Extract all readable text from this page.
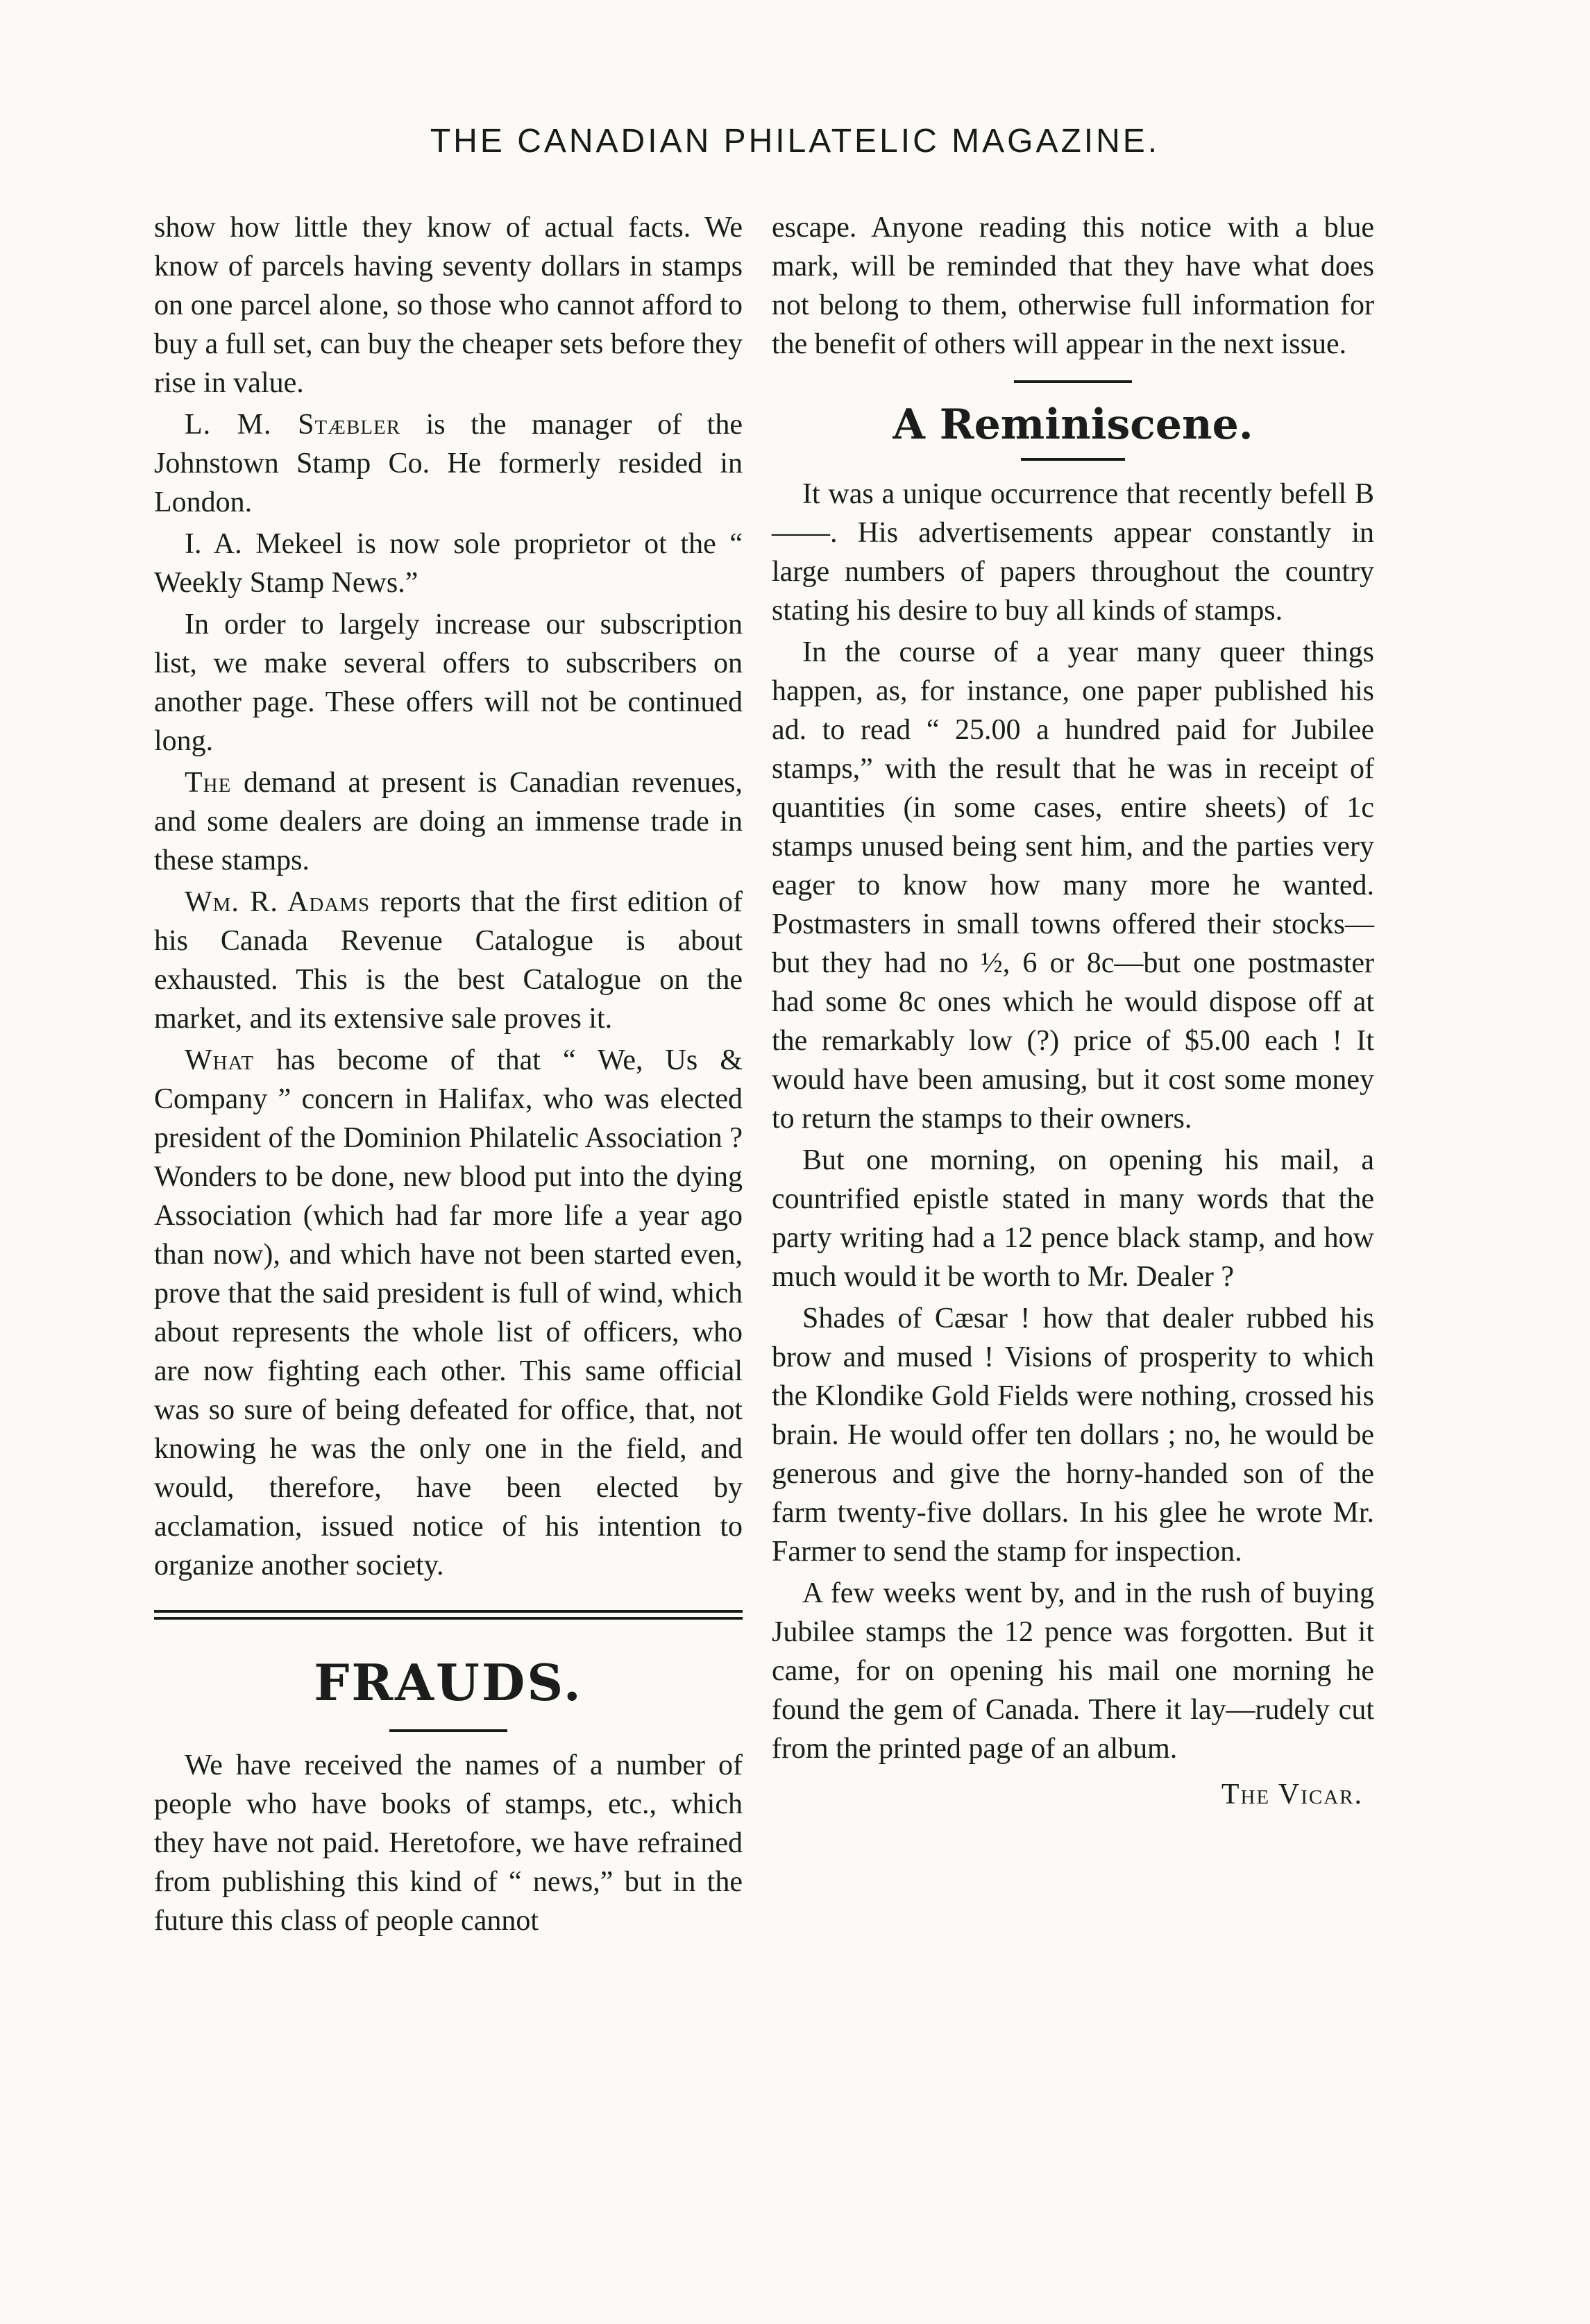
THE CANADIAN PHILATELIC MAGAZINE.

show how little they know of actual facts. We know of parcels having seventy dollars in stamps on one parcel alone, so those who cannot afford to buy a full set, can buy the cheaper sets before they rise in value.

L. M. Stæbler is the manager of the Johnstown Stamp Co. He formerly resided in London.

I. A. Mekeel is now sole proprietor ot the “ Weekly Stamp News.”

In order to largely increase our subscription list, we make several offers to subscribers on another page. These offers will not be continued long.

The demand at present is Canadian revenues, and some dealers are doing an immense trade in these stamps.

Wm. R. Adams reports that the first edition of his Canada Revenue Catalogue is about exhausted. This is the best Catalogue on the market, and its extensive sale proves it.

What has become of that “ We, Us & Company ” concern in Halifax, who was elected president of the Dominion Philatelic Association ? Wonders to be done, new blood put into the dying Association (which had far more life a year ago than now), and which have not been started even, prove that the said president is full of wind, which about represents the whole list of officers, who are now fighting each other. This same official was so sure of being defeated for office, that, not knowing he was the only one in the field, and would, therefore, have been elected by acclamation, issued notice of his intention to organize another society.

FRAUDS.

We have received the names of a number of people who have books of stamps, etc., which they have not paid. Heretofore, we have refrained from publishing this kind of “ news,” but in the future this class of people cannot

escape. Anyone reading this notice with a blue mark, will be reminded that they have what does not belong to them, otherwise full information for the benefit of others will appear in the next issue.

A Reminiscene.

It was a unique occurrence that recently befell B——. His advertisements appear constantly in large numbers of papers throughout the country stating his desire to buy all kinds of stamps.

In the course of a year many queer things happen, as, for instance, one paper published his ad. to read “ 25.00 a hundred paid for Jubilee stamps,” with the result that he was in receipt of quantities (in some cases, entire sheets) of 1c stamps unused being sent him, and the parties very eager to know how many more he wanted. Postmasters in small towns offered their stocks—but they had no ½, 6 or 8c—but one postmaster had some 8c ones which he would dispose off at the remarkably low (?) price of $5.00 each ! It would have been amusing, but it cost some money to return the stamps to their owners.

But one morning, on opening his mail, a countrified epistle stated in many words that the party writing had a 12 pence black stamp, and how much would it be worth to Mr. Dealer ?

Shades of Cæsar ! how that dealer rubbed his brow and mused ! Visions of prosperity to which the Klondike Gold Fields were nothing, crossed his brain. He would offer ten dollars ; no, he would be generous and give the horny-handed son of the farm twenty-five dollars. In his glee he wrote Mr. Farmer to send the stamp for inspection.

A few weeks went by, and in the rush of buying Jubilee stamps the 12 pence was forgotten. But it came, for on opening his mail one morning he found the gem of Canada. There it lay—rudely cut from the printed page of an album.

The Vicar.
